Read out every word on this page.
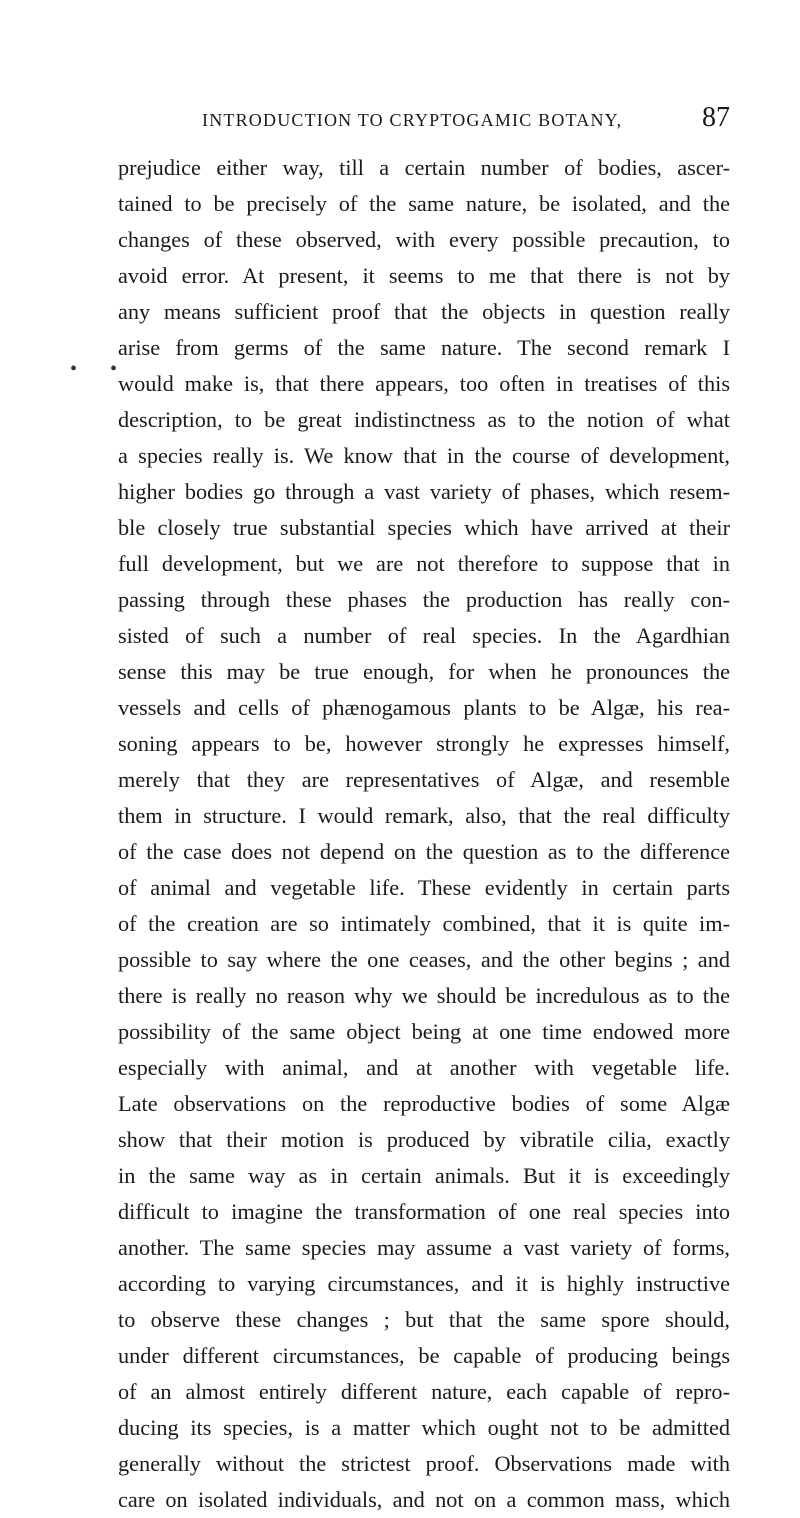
INTRODUCTION TO CRYPTOGAMIC BOTANY,	87
• •
prejudice either way, till a certain number of bodies, ascer-
tained to be precisely of the same nature, be isolated, and the
changes of these observed, with every possible precaution, to
avoid error. At present, it seems to me that there is not by
any means sufficient proof that the objects in question really
arise from germs of the same nature. The second remark I
would make is, that there appears, too often in treatises of this
description, to be great indistinctness as to the notion of what
a species really is. We know that in the course of development,
higher bodies go through a vast variety of phases, which resem-
ble closely true substantial species which have arrived at their
full development, but we are not therefore to suppose that in
passing through these phases the production has really con-
sisted of such a number of real species. In the Agardhian
sense this may be true enough, for when he pronounces the
vessels and cells of phænogamous plants to be Algæ, his rea-
soning appears to be, however strongly he expresses himself,
merely that they are representatives of Algæ, and resemble
them in structure. I would remark, also, that the real difficulty
of the case does not depend on the question as to the difference
of animal and vegetable life. These evidently in certain parts
of the creation are so intimately combined, that it is quite im-
possible to say where the one ceases, and the other begins ; and
there is really no reason why we should be incredulous as to the
possibility of the same object being at one time endowed more
especially with animal, and at another with vegetable life.
Late observations on the reproductive bodies of some Algæ
show that their motion is produced by vibratile cilia, exactly
in the same way as in certain animals. But it is exceedingly
difficult to imagine the transformation of one real species into
another. The same species may assume a vast variety of forms,
according to varying circumstances, and it is highly instructive
to observe these changes ; but that the same spore should,
under different circumstances, be capable of producing beings
of an almost entirely different nature, each capable of repro-
ducing its species, is a matter which ought not to be admitted
generally without the strictest proof. Observations made with
care on isolated individuals, and not on a common mass, which
